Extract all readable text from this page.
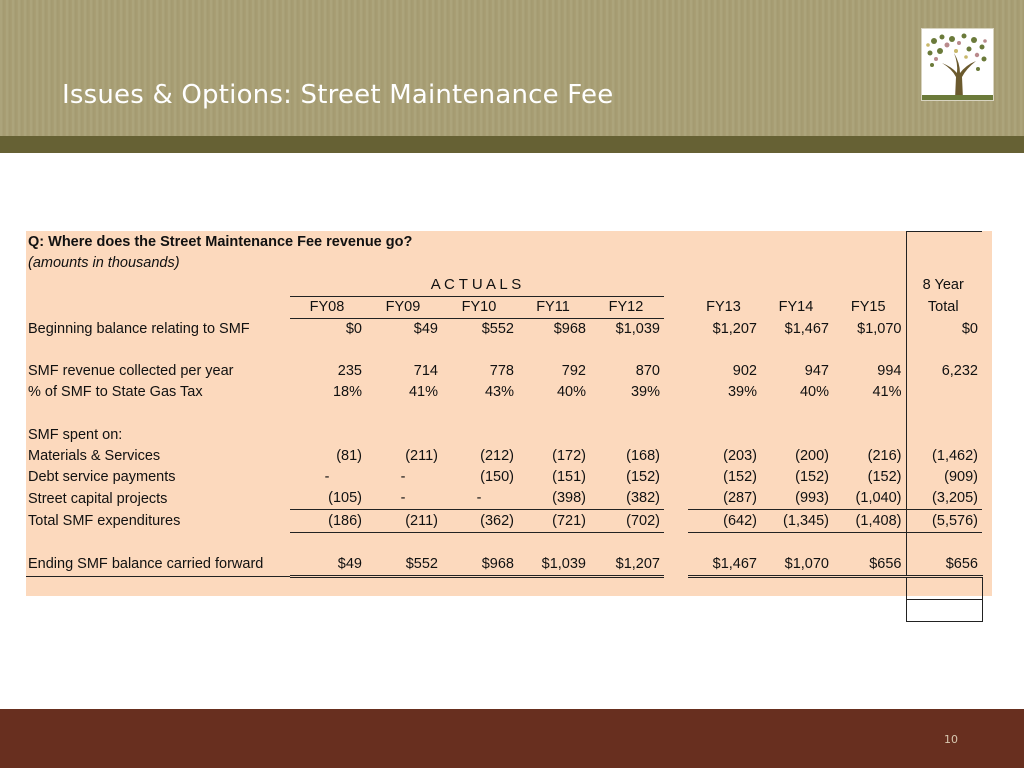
Issues & Options: Street Maintenance Fee
Q: Where does the Street Maintenance Fee revenue go?										
(amounts in thousands)										
	A C T U A L S									8 Year
	FY08	FY09	FY10	FY11	FY12		FY13	FY14	FY15	Total
Beginning balance relating to SMF	$0	$49	$552	$968	$1,039		$1,207	$1,467	$1,070	$0

SMF revenue collected per year	235	714	778	792	870		902	947	994	6,232
% of SMF to State Gas Tax	18%	41%	43%	40%	39%		39%	40%	41%	

SMF spent on:										
Materials & Services	(81)	(211)	(212)	(172)	(168)		(203)	(200)	(216)	(1,462)
Debt service payments	-	-	(150)	(151)	(152)		(152)	(152)	(152)	(909)
Street capital projects	(105)	-	-	(398)	(382)		(287)	(993)	(1,040)	(3,205)
Total SMF expenditures	(186)	(211)	(362)	(721)	(702)		(642)	(1,345)	(1,408)	(5,576)

Ending SMF balance carried forward	$49	$552	$968	$1,039	$1,207		$1,467	$1,070	$656	$656

10
